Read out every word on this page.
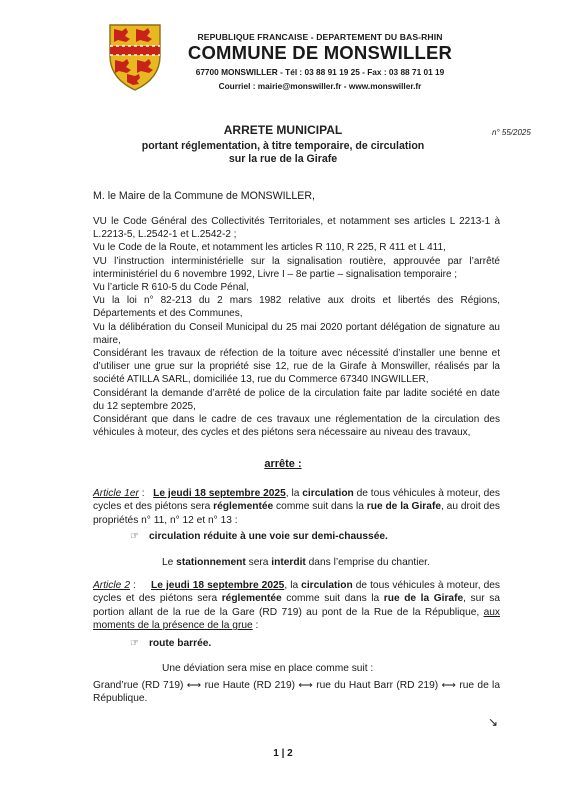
REPUBLIQUE FRANCAISE - DEPARTEMENT DU BAS-RHIN
COMMUNE DE MONSWILLER
67700 MONSWILLER - Tél : 03 88 91 19 25 - Fax : 03 88 71 01 19
Courriel : mairie@monswiller.fr - www.monswiller.fr
ARRETE MUNICIPAL	n° 55/2025
portant réglementation, à titre temporaire, de circulation
sur la rue de la Girafe
M. le Maire de la Commune de MONSWILLER,
VU le Code Général des Collectivités Territoriales, et notamment ses articles L 2213-1 à L.2213-5, L.2542-1 et L.2542-2 ;
Vu le Code de la Route, et notamment les articles R 110, R 225, R 411 et L 411,
VU l’instruction interministérielle sur la signalisation routière, approuvée par l’arrêté interministériel du 6 novembre 1992, Livre I – 8e partie – signalisation temporaire ;
Vu l’article R 610-5 du Code Pénal,
Vu la loi n° 82-213 du 2 mars 1982 relative aux droits et libertés des Régions, Départements et des Communes,
Vu la délibération du Conseil Municipal du 25 mai 2020 portant délégation de signature au maire,
Considérant les travaux de réfection de la toiture avec nécessité d’installer une benne et d’utiliser une grue sur la propriété sise 12, rue de la Girafe à Monswiller, réalisés par la société ATILLA SARL, domiciliée 13, rue du Commerce 67340 INGWILLER,
Considérant la demande d’arrêté de police de la circulation faite par ladite société en date du 12 septembre 2025,
Considérant que dans le cadre de ces travaux une réglementation de la circulation des véhicules à moteur, des cycles et des piétons sera nécessaire au niveau des travaux,
arrête :
Article 1er :   Le jeudi 18 septembre 2025, la circulation de tous véhicules à moteur, des cycles et des piétons sera réglementée comme suit dans la rue de la Girafe, au droit des propriétés n° 11, n° 12 et n° 13 :
☞ circulation réduite à une voie sur demi-chaussée.
Le stationnement sera interdit dans l’emprise du chantier.
Article 2 :     Le jeudi 18 septembre 2025, la circulation de tous véhicules à moteur, des cycles et des piétons sera réglementée comme suit dans la rue de la Girafe, sur sa portion allant de la rue de la Gare (RD 719) au pont de la Rue de la République, aux moments de la présence de la grue :
☞ route barrée.
Une déviation sera mise en place comme suit :
Grand’rue (RD 719) ⟷ rue Haute (RD 219) ⟷ rue du Haut Barr (RD 219) ⟷ rue de la République.
↘
1 | 2
